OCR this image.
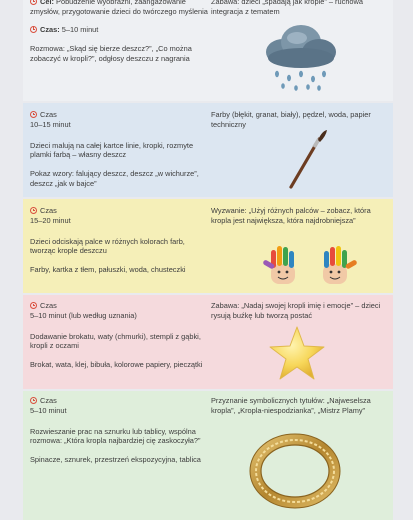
Cel: Pobudzenie wyobraźni, zaangażowanie zmysłów, przygotowanie dzieci do twórczego myślenia

Czas: 5–10 minut

Rozmowa: „Skąd się bierze deszcz?”, „Co można zobaczyć w kropli?”, odgłosy deszczu z nagrania

Zabawa: dzieci „spadają jak krople” – ruchowa integracja z tematem

Czas
10–15 minut

Dzieci malują na całej kartce linie, kropki, rozmyte plamki farbą – własny deszcz

Pokaz wzory: falujący deszcz, deszcz „w wichurze”, deszcz „jak w bajce”

Farby (błękit, granat, biały), pędzel, woda, papier techniczny

Czas
15–20 minut

Dzieci odciskają palce w różnych kolorach farb, tworząc krople deszczu

Farby, kartka z tłem, pałuszki, woda, chusteczki

Wyzwanie: „Użyj różnych palców – zobacz, która kropla jest największa, która najdrobniejsza”

Czas
5–10 minut (lub według uznania)

Dodawanie brokatu, waty (chmurki), stempli z gąbki, kropli z oczami

Brokat, wata, klej, bibuła, kolorowe papiery, pieczątki

Zabawa: „Nadaj swojej kropli imię i emocje” – dzieci rysują buźkę lub tworzą postać

Czas
5–10 minut

Rozwieszanie prac na sznurku lub tablicy, wspólna rozmowa: „Która kropla najbardziej cię zaskoczyła?”

Spinacze, sznurek, przestrzeń ekspozycyjna, tablica

Przyznanie symbolicznych tytułów: „Najweselsza kropla”, „Kropla-niespodzianka”, „Mistrz Plamy”
